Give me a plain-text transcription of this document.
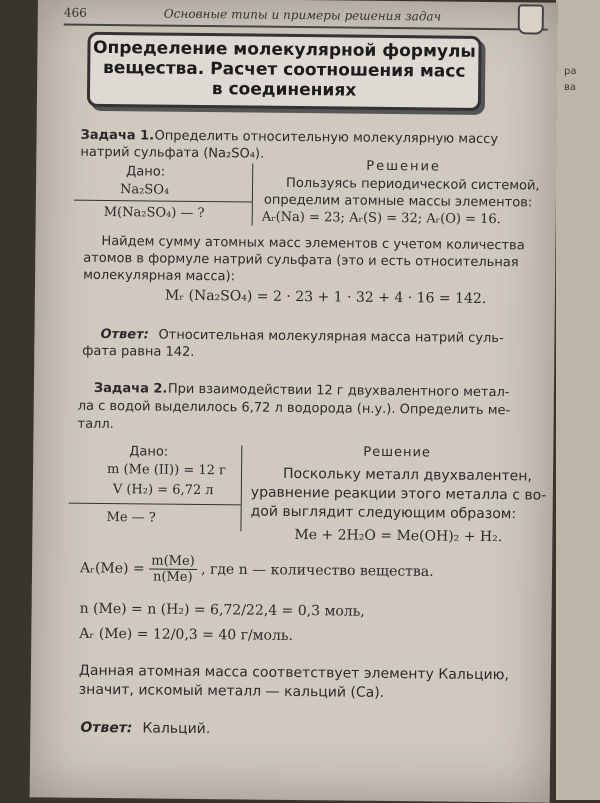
ра
ва
466	Основные типы и примеры решения задач
Определение молекулярной формулы
вещества. Расчет соотношения масс
в соединениях
Задача 1. Определить относительную молекулярную массу
натрий сульфата (Na₂SO₄).
Дано:
Na₂SO₄
M(Na₂SO₄) — ?
Решение
Пользуясь периодической системой,
определим атомные массы элементов:
Aᵣ(Na) = 23; Aᵣ(S) = 32; Aᵣ(O) = 16.
Найдем сумму атомных масс элементов с учетом количества
атомов в формуле натрий сульфата (это и есть относительная
молекулярная масса):
Mᵣ (Na₂SO₄) = 2 · 23 + 1 · 32 + 4 · 16 = 142.
Ответ: Относительная молекулярная масса натрий суль-
фата равна 142.
Задача 2. При взаимодействии 12 г двухвалентного метал-
ла с водой выделилось 6,72 л водорода (н.у.). Определить ме-
талл.
Дано:
m (Me (II)) = 12 г
V (H₂) = 6,72 л
Me — ?
Решение
Поскольку металл двухвалентен,
уравнение реакции этого металла с во-
дой выглядит следующим образом:
Me + 2H₂O = Me(OH)₂ + H₂.
Aᵣ(Me) = $\frac{m(Me)}{n(Me)}$ , где n — количество вещества.
n (Me) = n (H₂) = 6,72/22,4 = 0,3 моль,
Aᵣ (Me) = 12/0,3 = 40 г/моль.
Данная атомная масса соответствует элементу Кальцию,
значит, искомый металл — кальций (Ca).
Ответ: Кальций.
